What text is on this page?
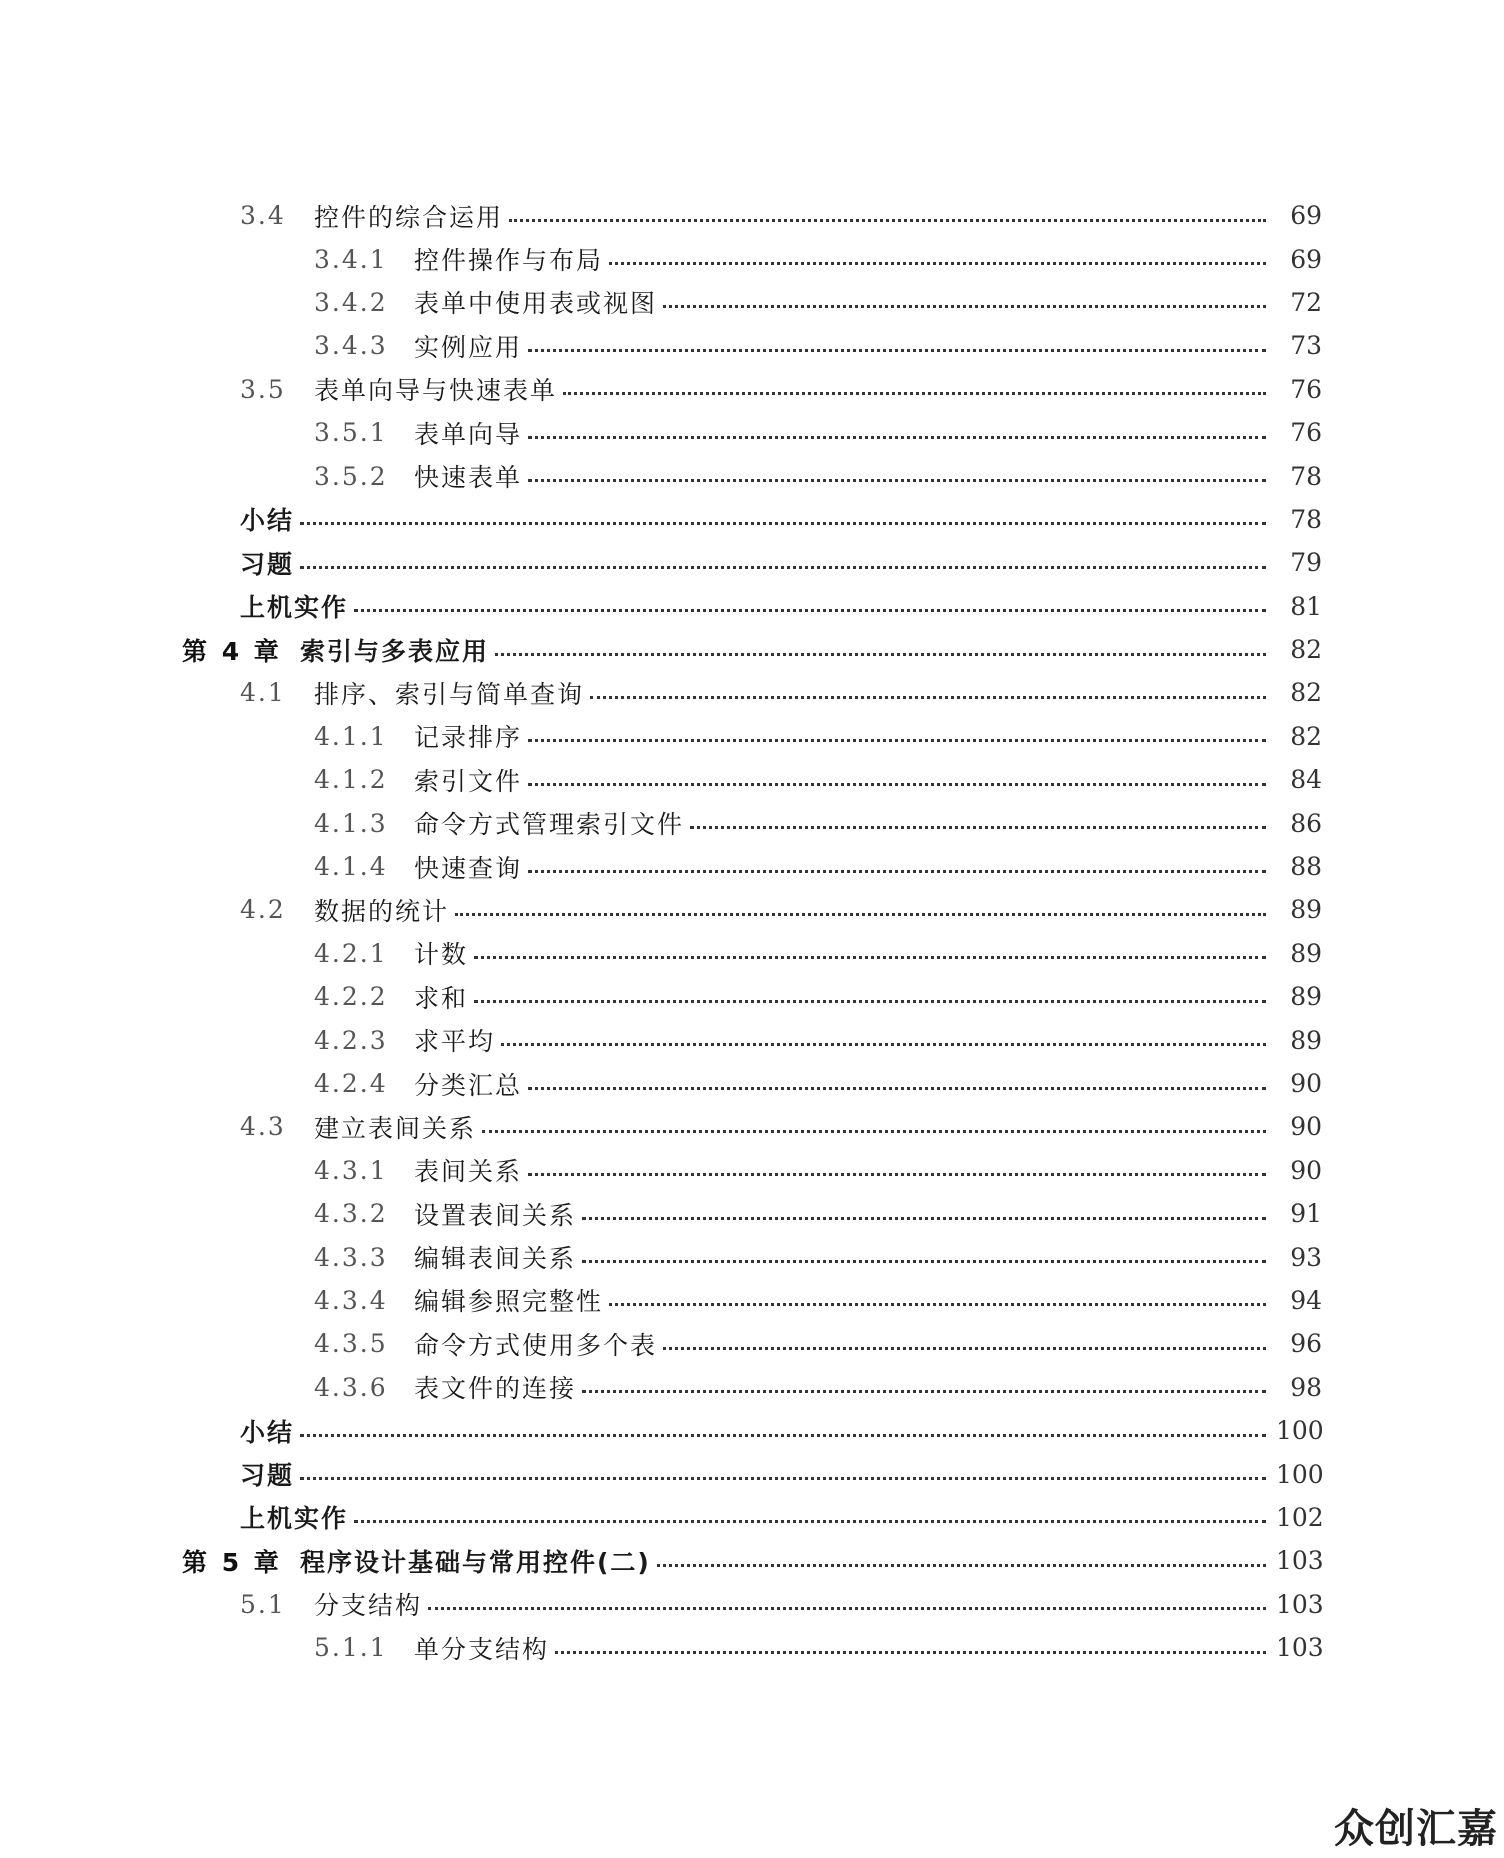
3.4	控件的综合运用	69
3.4.1	控件操作与布局	69
3.4.2	表单中使用表或视图	72
3.4.3	实例应用	73
3.5	表单向导与快速表单	76
3.5.1	表单向导	76
3.5.2	快速表单	78
小结	78
习题	79
上机实作	81
第 4 章 索引与多表应用	82
4.1	排序、索引与简单查询	82
4.1.1	记录排序	82
4.1.2	索引文件	84
4.1.3	命令方式管理索引文件	86
4.1.4	快速查询	88
4.2	数据的统计	89
4.2.1	计数	89
4.2.2	求和	89
4.2.3	求平均	89
4.2.4	分类汇总	90
4.3	建立表间关系	90
4.3.1	表间关系	90
4.3.2	设置表间关系	91
4.3.3	编辑表间关系	93
4.3.4	编辑参照完整性	94
4.3.5	命令方式使用多个表	96
4.3.6	表文件的连接	98
小结	100
习题	100
上机实作	102
第 5 章 程序设计基础与常用控件(二)	103
5.1	分支结构	103
5.1.1	单分支结构	103
众创汇嘉
